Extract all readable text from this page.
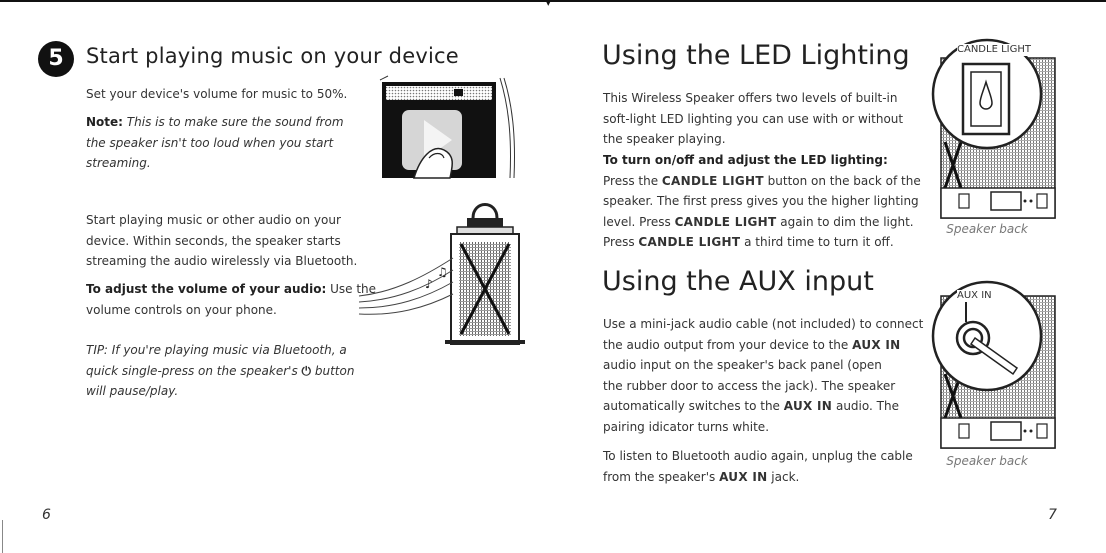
▾
5	Start playing music on your device
Set your device's volume for music to 50%.
Note: This is to make sure the sound from
the speaker isn't too loud when you start
streaming.
Start playing music or other audio on your
device. Within seconds, the speaker starts
streaming the audio wirelessly via Bluetooth.
To adjust the volume of your audio: Use the
volume controls on your phone.
TIP: If you're playing music via Bluetooth, a
quick single-press on the speaker's ⏻ button
will pause/play.
♪
♫
6
Using the LED Lighting
This Wireless Speaker offers two levels of built-in
soft-light LED lighting you can use with or without
the speaker playing.
To turn on/off and adjust the LED lighting:
Press the CANDLE LIGHT button on the back of the
speaker. The first press gives you the higher lighting
level. Press CANDLE LIGHT again to dim the light.
Press CANDLE LIGHT a third time to turn it off.
Using the AUX input
Use a mini-jack audio cable (not included) to connect
the audio output from your device to the AUX IN
audio input on the speaker's back panel (open
the rubber door to access the jack). The speaker
automatically switches to the AUX IN audio. The
pairing idicator turns white.
To listen to Bluetooth audio again, unplug the cable
from the speaker's AUX IN jack.
CANDLE LIGHT
Speaker back
AUX IN
Speaker back
7
